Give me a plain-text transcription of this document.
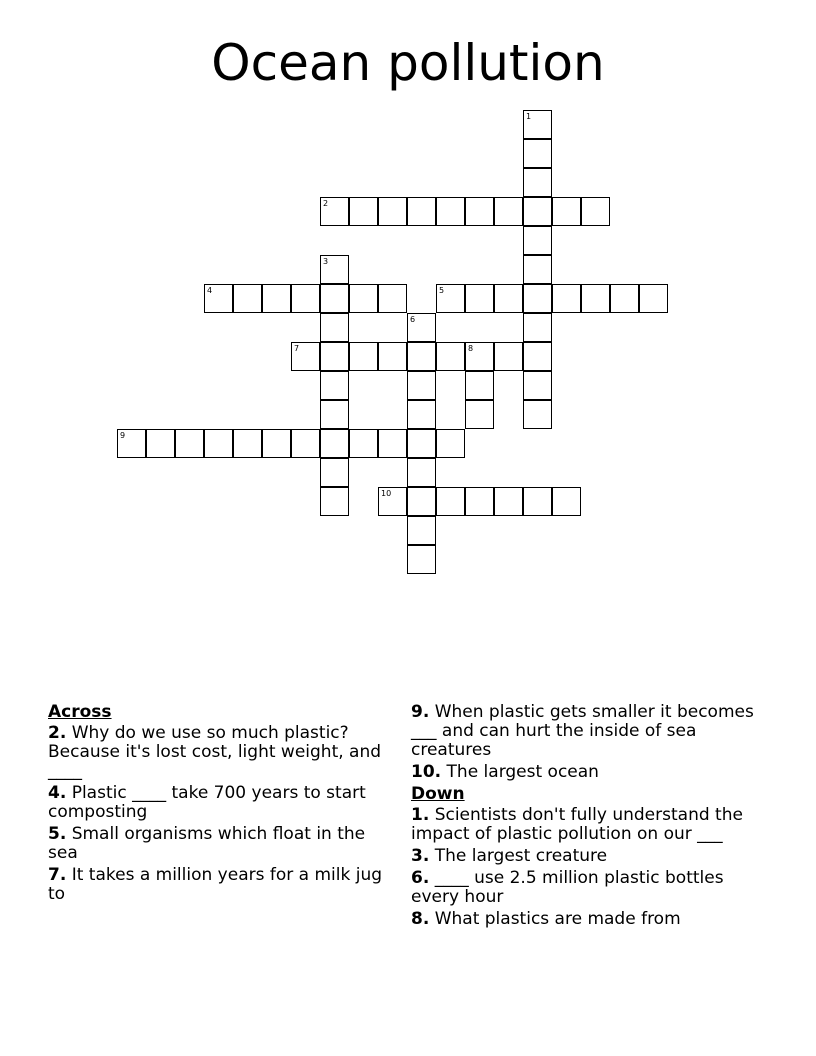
Ocean pollution
1
2
3
4	5
6
7	8
9
10
Across
2. Why do we use so much plastic? Because it's lost cost, light weight, and ____
4. Plastic ____ take 700 years to start composting
5. Small organisms which float in the sea
7. It takes a million years for a milk jug to
9. When plastic gets smaller it becomes ___ and can hurt the inside of sea creatures
10. The largest ocean
Down
1. Scientists don't fully understand the impact of plastic pollution on our ___
3. The largest creature
6. ____ use 2.5 million plastic bottles every hour
8. What plastics are made from
